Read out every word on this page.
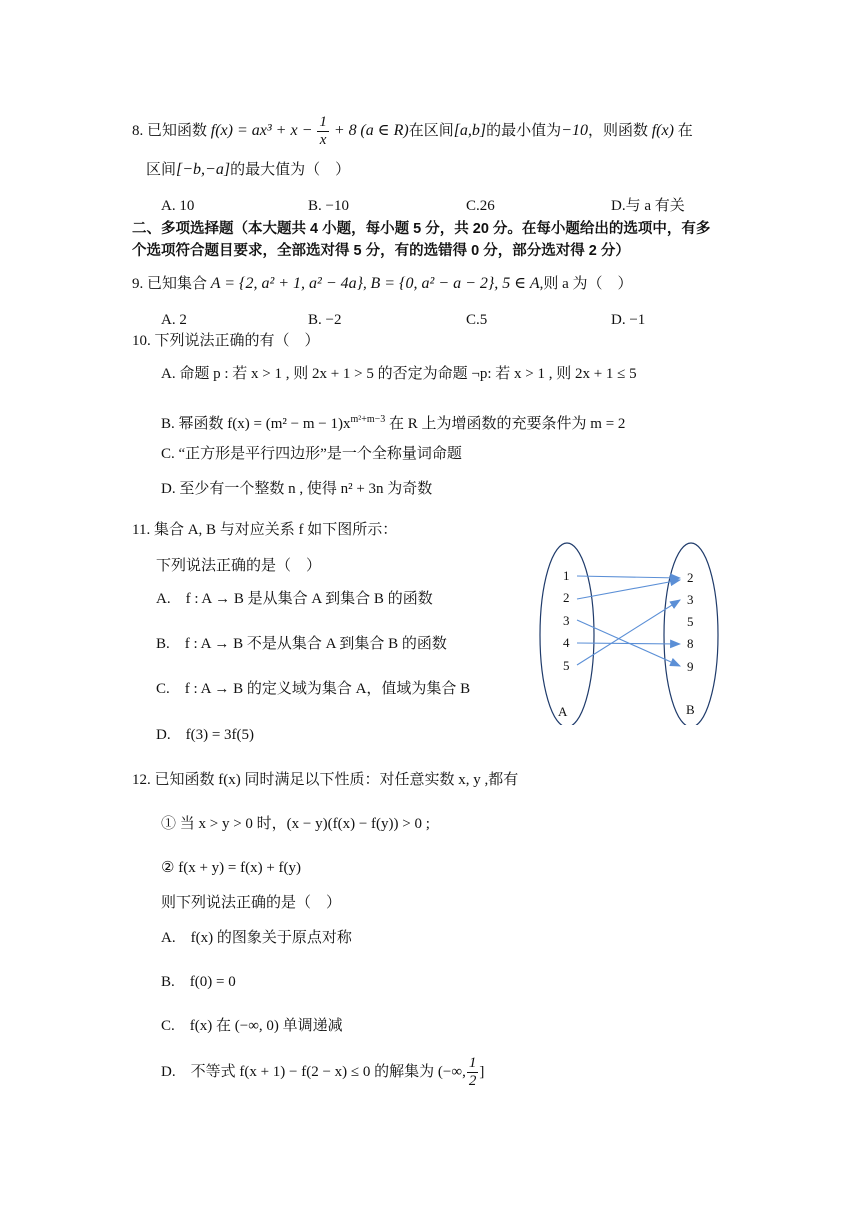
8. 已知函数 $f(x) = ax^3 + x - \frac{1}{x} + 8$ (a ∈ R)在区间[a,b]的最小值为−10，则函数 f(x) 在
区间[−b,−a]的最大值为（　）
A. 10	B. −10	C.26	D.与 a 有关
二、多项选择题（本大题共 4 小题，每小题 5 分，共 20 分。在每小题给出的选项中，有多
个选项符合题目要求，全部选对得 5 分，有的选错得 0 分，部分选对得 2 分）
9. 已知集合 A = {2, a² + 1, a² − 4a}, B = {0, a² − a − 2}, 5 ∈ A,则 a 为（　）
A. 2	B. −2	C.5	D. −1
10. 下列说法正确的有（　）
A. 命题 p : 若 x > 1 , 则 2x + 1 > 5 的否定为命题 ¬p: 若 x > 1 , 则 2x + 1 ≤ 5
B. 幂函数 $f(x) = (m^2 - m - 1)x^{m^2+m-3}$ 在 R 上为增函数的充要条件为 m = 2
C. “正方形是平行四边形”是一个全称量词命题
D. 至少有一个整数 n , 使得 n² + 3n 为奇数
11. 集合 A, B 与对应关系 f 如下图所示：
下列说法正确的是（　）
A.　f : A → B 是从集合 A 到集合 B 的函数
B.　f : A → B 不是从集合 A 到集合 B 的函数
C.　f : A → B 的定义域为集合 A，值域为集合 B
D.　f(3) = 3f(5)
1
2
3
4
5
2
3
5
8
9
A	B
12. 已知函数 f(x) 同时满足以下性质：对任意实数 x, y ,都有
① 当 x > y > 0 时，(x − y)(f(x) − f(y)) > 0 ;
② f(x + y) = f(x) + f(y)
则下列说法正确的是（　）
A.　f(x) 的图象关于原点对称
B.　f(0) = 0
C.　f(x) 在 (−∞, 0) 单调递减
D.　不等式 f(x + 1) − f(2 − x) ≤ 0 的解集为 (−∞, $\frac{1}{2}$ ]
